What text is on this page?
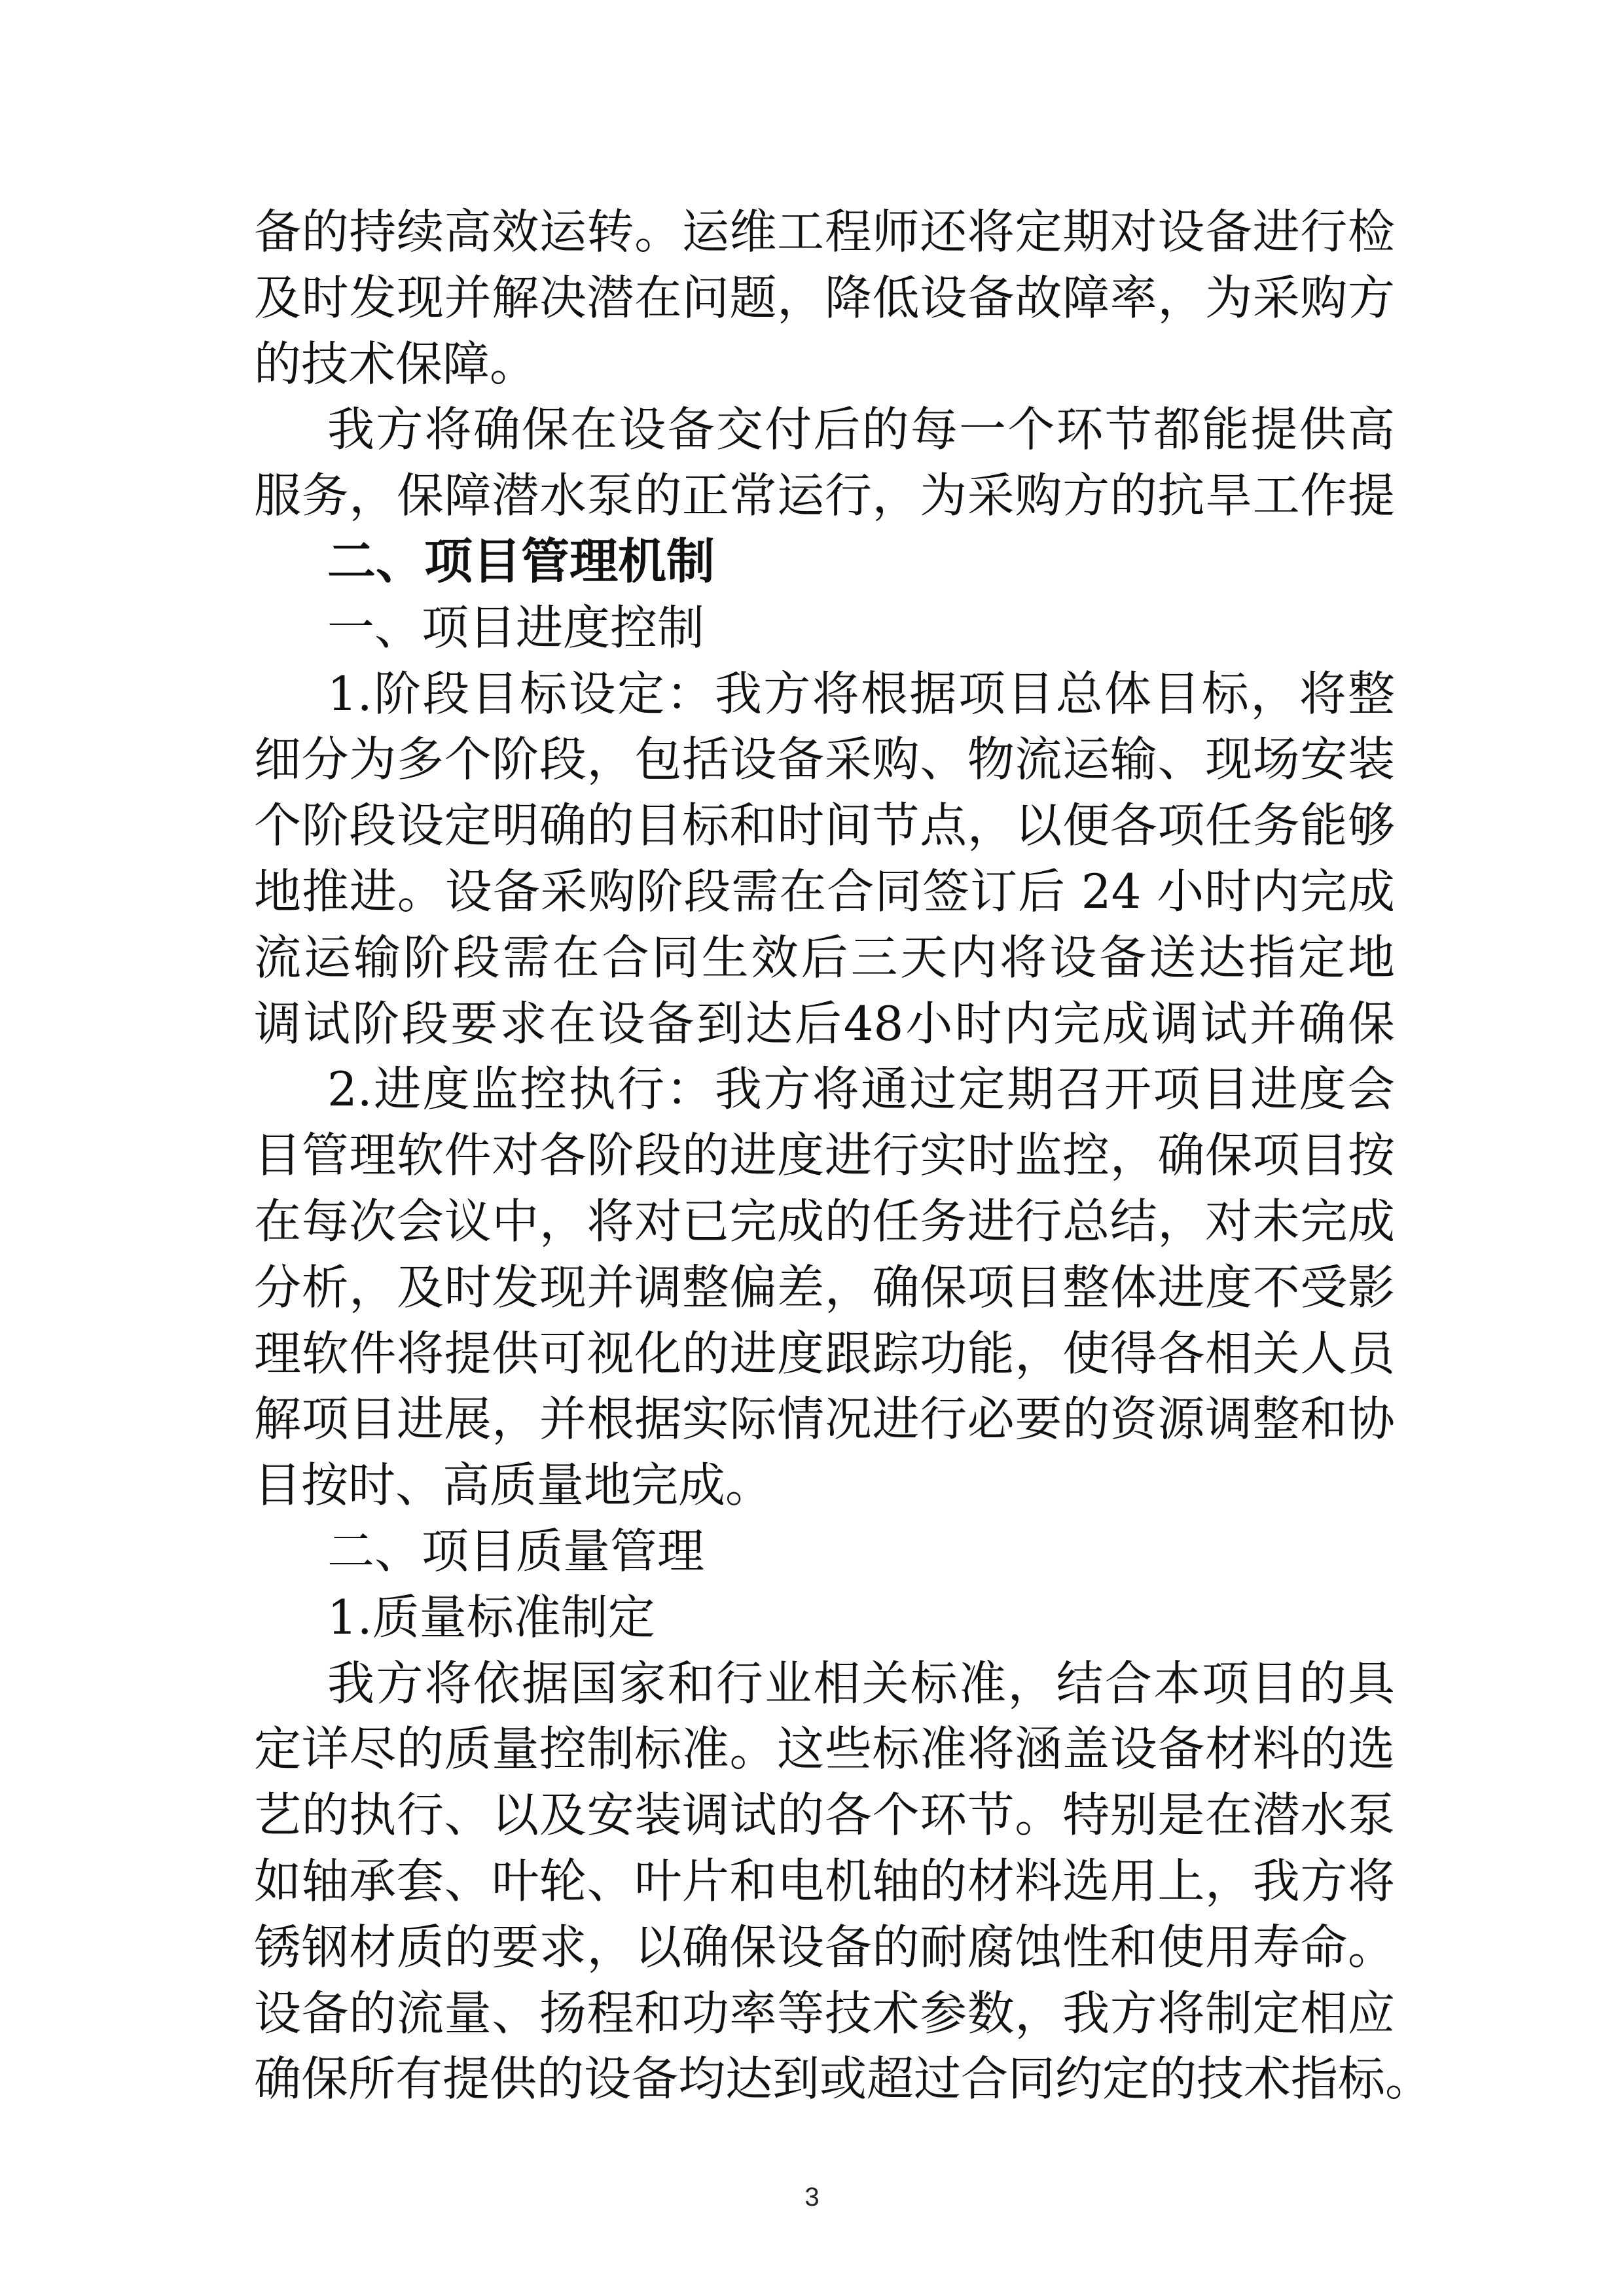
备的持续高效运转。运维工程师还将定期对设备进行检
及时发现并解决潜在问题，降低设备故障率，为采购方
的技术保障。
我方将确保在设备交付后的每一个环节都能提供高
服务，保障潜水泵的正常运行，为采购方的抗旱工作提
二、项目管理机制
一、项目进度控制
1.阶段目标设定：我方将根据项目总体目标，将整
细分为多个阶段，包括设备采购、物流运输、现场安装
个阶段设定明确的目标和时间节点，以便各项任务能够
地推进。设备采购阶段需在合同签订后 24 小时内完成
流运输阶段需在合同生效后三天内将设备送达指定地
调试阶段要求在设备到达后48小时内完成调试并确保
2.进度监控执行：我方将通过定期召开项目进度会
目管理软件对各阶段的进度进行实时监控，确保项目按
在每次会议中，将对已完成的任务进行总结，对未完成
分析，及时发现并调整偏差，确保项目整体进度不受影
理软件将提供可视化的进度跟踪功能，使得各相关人员
解项目进展，并根据实际情况进行必要的资源调整和协
目按时、高质量地完成。
二、项目质量管理
1.质量标准制定
我方将依据国家和行业相关标准，结合本项目的具
定详尽的质量控制标准。这些标准将涵盖设备材料的选
艺的执行、以及安装调试的各个环节。特别是在潜水泵
如轴承套、叶轮、叶片和电机轴的材料选用上，我方将
锈钢材质的要求，以确保设备的耐腐蚀性和使用寿命。
设备的流量、扬程和功率等技术参数，我方将制定相应
确保所有提供的设备均达到或超过合同约定的技术指标。
3
